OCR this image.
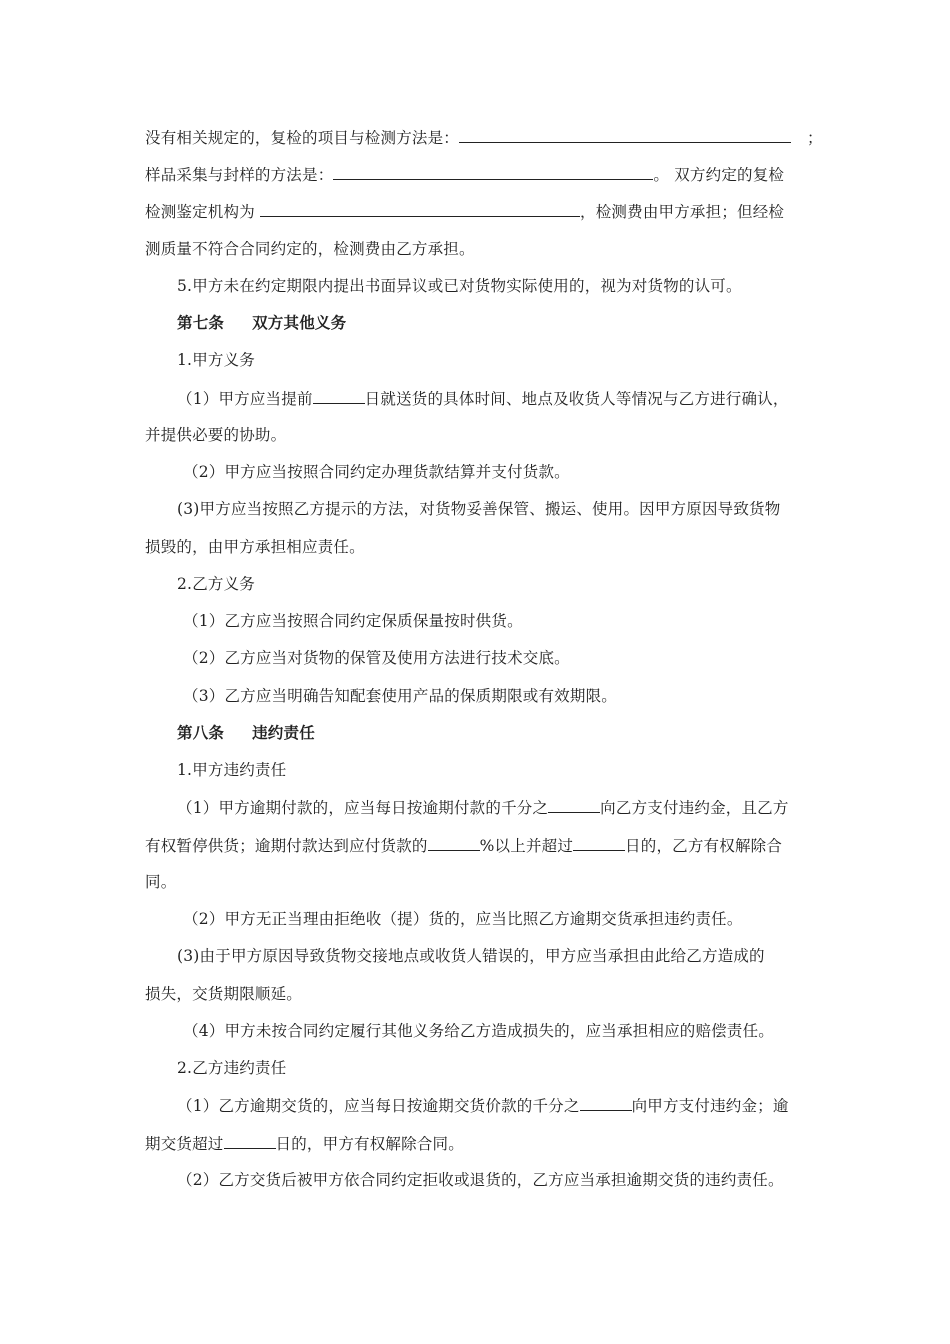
没有相关规定的，复检的项目与检测方法是：	；
样品采集与封样的方法是：	。 双方约定的复检
检测鉴定机构为	，检测费由甲方承担；但经检
测质量不符合合同约定的，检测费由乙方承担。
5.甲方未在约定期限内提出书面异议或已对货物实际使用的，视为对货物的认可。
第七条 双方其他义务
1.甲方义务
（1）甲方应当提前	日就送货的具体时间、地点及收货人等情况与乙方进行确认，
并提供必要的协助。
（2）甲方应当按照合同约定办理货款结算并支付货款。
(3)甲方应当按照乙方提示的方法，对货物妥善保管、搬运、使用。因甲方原因导致货物
损毁的，由甲方承担相应责任。
2.乙方义务
（1）乙方应当按照合同约定保质保量按时供货。
（2）乙方应当对货物的保管及使用方法进行技术交底。
（3）乙方应当明确告知配套使用产品的保质期限或有效期限。
第八条 违约责任
1.甲方违约责任
（1）甲方逾期付款的，应当每日按逾期付款的千分之	向乙方支付违约金，且乙方
有权暂停供货；逾期付款达到应付货款的	%以上并超过	日的，乙方有权解除合
同。
（2）甲方无正当理由拒绝收（提）货的，应当比照乙方逾期交货承担违约责任。
(3)由于甲方原因导致货物交接地点或收货人错误的，甲方应当承担由此给乙方造成的
损失，交货期限顺延。
（4）甲方未按合同约定履行其他义务给乙方造成损失的，应当承担相应的赔偿责任。
2.乙方违约责任
（1）乙方逾期交货的，应当每日按逾期交货价款的千分之	向甲方支付违约金；逾
期交货超过	日的，甲方有权解除合同。
（2）乙方交货后被甲方依合同约定拒收或退货的，乙方应当承担逾期交货的违约责任。
